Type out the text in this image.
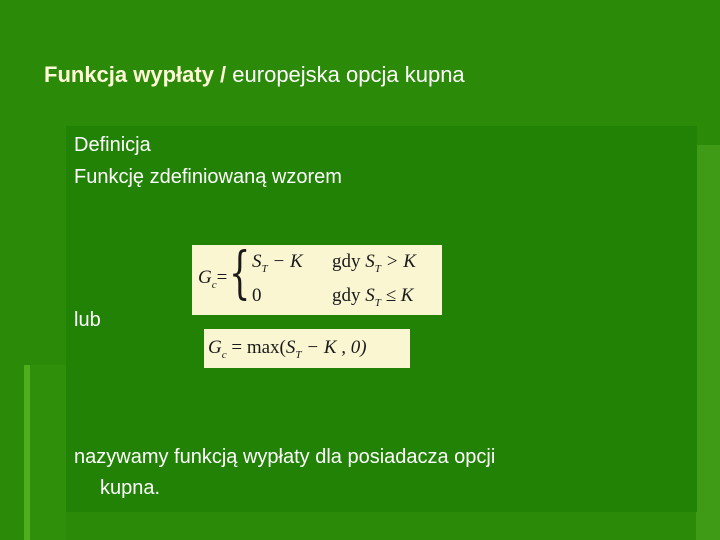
Funkcja wypłaty / europejska opcja kupna
Definicja
Funkcję zdefiniowaną wzorem
$G_c=$ { $S_T - K$ gdy $S_T > K$
0	gdy $S_T \le K$
lub
$G_c = \max(S_T - K$ , 0)
nazywamy funkcją wypłaty dla posiadacza opcji
kupna.
